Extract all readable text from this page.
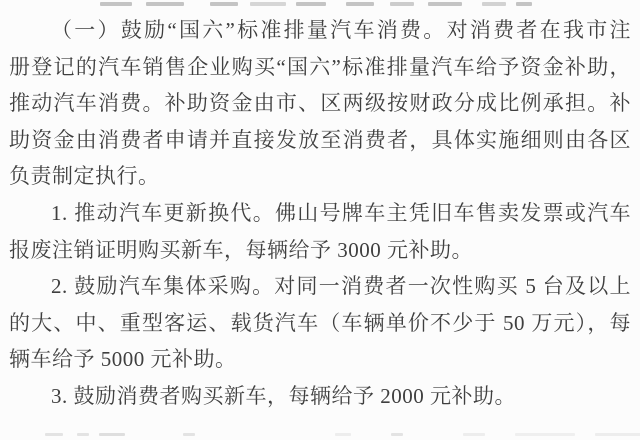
（一）鼓励“国六”标准排量汽车消费。对消费者在我市注
册登记的汽车销售企业购买“国六”标准排量汽车给予资金补助，
推动汽车消费。补助资金由市、区两级按财政分成比例承担。补
助资金由消费者申请并直接发放至消费者，具体实施细则由各区
负责制定执行。
1. 推动汽车更新换代。佛山号牌车主凭旧车售卖发票或汽车
报废注销证明购买新车，每辆给予 3000 元补助。
2. 鼓励汽车集体采购。对同一消费者一次性购买 5 台及以上
的大、中、重型客运、载货汽车（车辆单价不少于 50 万元），每
辆车给予 5000 元补助。
3. 鼓励消费者购买新车，每辆给予 2000 元补助。
